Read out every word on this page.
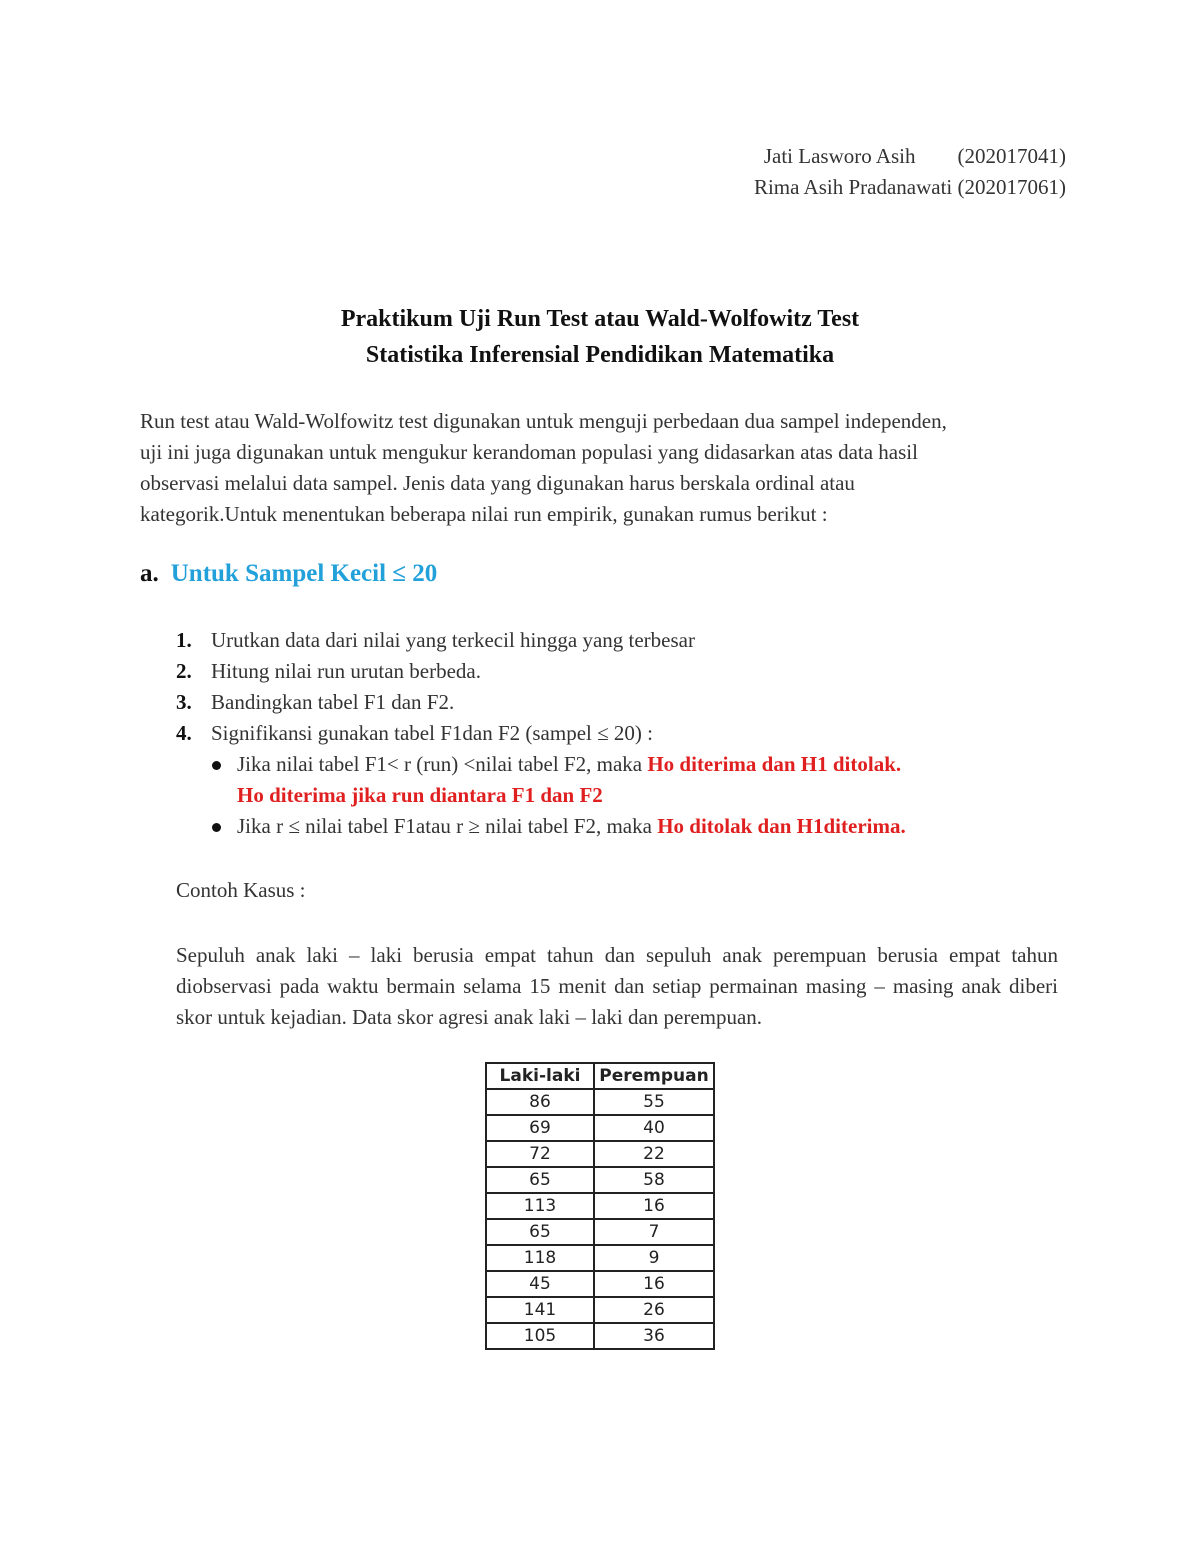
Jati Lasworo Asih        (202017041)
Rima Asih Pradanawati (202017061)
Praktikum Uji Run Test atau Wald-Wolfowitz Test
Statistika Inferensial Pendidikan Matematika
Run test atau Wald-Wolfowitz test digunakan untuk menguji perbedaan dua sampel independen,
uji ini juga digunakan untuk mengukur kerandoman populasi yang didasarkan atas data hasil
observasi melalui data sampel. Jenis data yang digunakan harus berskala ordinal atau
kategorik.Untuk menentukan beberapa nilai run empirik, gunakan rumus berikut :
a. Untuk Sampel Kecil ≤ 20
1. Urutkan data dari nilai yang terkecil hingga yang terbesar
2. Hitung nilai run urutan berbeda.
3. Bandingkan tabel F1 dan F2.
4. Signifikansi gunakan tabel F1dan F2 (sampel ≤ 20) :
Jika nilai tabel F1< r (run) <nilai tabel F2, maka Ho diterima dan H1 ditolak.
Ho diterima jika run diantara F1 dan F2
Jika r ≤ nilai tabel F1atau r ≥ nilai tabel F2, maka Ho ditolak dan H1diterima.
Contoh Kasus :
Sepuluh anak laki – laki berusia empat tahun dan sepuluh anak perempuan berusia empat tahun diobservasi pada waktu bermain selama 15 menit dan setiap permainan masing – masing anak diberi skor untuk kejadian. Data skor agresi anak laki – laki dan perempuan.
Laki-laki	Perempuan
86	55
69	40
72	22
65	58
113	16
65	7
118	9
45	16
141	26
105	36
